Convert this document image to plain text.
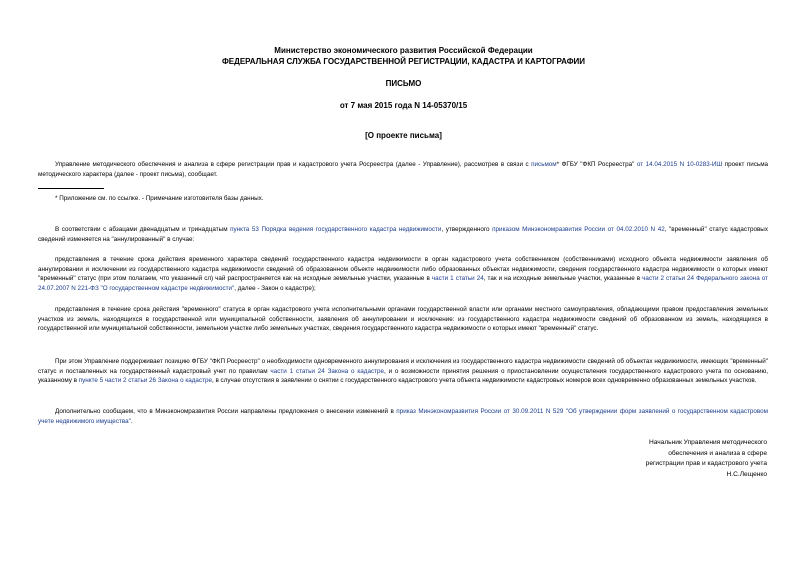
Министерство экономического развития Российской Федерации
ФЕДЕРАЛЬНАЯ СЛУЖБА ГОСУДАРСТВЕННОЙ РЕГИСТРАЦИИ, КАДАСТРА И КАРТОГРАФИИ
ПИСЬМО
от 7 мая 2015 года N 14-05370/15
[О проекте письма]
Управление методического обеспечения и анализа в сфере регистрации прав и кадастрового учета Росреестра (далее - Управление), рассмотрев в связи с письмом* ФГБУ "ФКП Росреестра" от 14.04.2015 N 10-0283-ИШ проект письма методического характера (далее - проект письма), сообщает.
* Приложение см. по ссылке. - Примечание изготовителя базы данных.
В соответствии с абзацами двенадцатым и тринадцатым пункта 53 Порядка ведения государственного кадастра недвижимости, утвержденного приказом Минэкономразвития России от 04.02.2010 N 42, "временный" статус кадастровых сведений изменяется на "аннулированный" в случае:
представления в течение срока действия временного характера сведений государственного кадастра недвижимости в орган кадастрового учета собственником (собственниками) исходного объекта недвижимости заявления об аннулировании и исключении из государственного кадастра недвижимости сведений об образованном объекте недвижимости либо образованных объектах недвижимости, сведения государственного кадастра недвижимости о которых имеют "временный" статус (при этом полагаем, что указанный сл) чай распространяется как на исходные земельные участки, указанные в части 1 статьи 24, так и на исходные земельные участки, указанные в части 2 статьи 24 Федерального закона от 24.07.2007 N 221-ФЗ "О государственном кадастре недвижимости", далее - Закон о кадастре);
представления в течение срока действия "временного" статуса в орган кадастрового учета исполнительными органами государственной власти или органами местного самоуправления, обладающими правом предоставления земельных участков из земель, находящихся в государственной или муниципальной собственности, заявления об аннулировании и исключение: из государственного кадастра недвижимости сведений об образованном из земель, находящихся в государственной или муниципальной собственности, земельном участке либо земельных участках, сведения государственного кадастра недвижимости о которых имеют "временный" статус.
При этом Управление поддерживает позицию ФГБУ "ФКП Росреестр" о необходимости одновременного аннулирования и исключения из государственного кадастра недвижимости сведений об объектах недвижимости, имеющих "временный" статус и поставленных на государственный кадастровый учет по правилам части 1 статьи 24 Закона о кадастре, и о возможности принятия решения о приостановлении осуществления государственного кадастрового учета по основанию, указанному в пункте 5 части 2 статьи 26 Закона о кадастре, в случае отсутствия в заявлении о снятии с государственного кадастрового учета объекта недвижимости кадастровых номеров всех одновременно образованных земельных участков.
Дополнительно сообщаем, что в Минэкономразвития России направлены предложения о внесении изменений в приказ Минэкономразвития России от 30.09.2011 N 529 "Об утверждении форм заявлений о государственном кадастровом учете недвижимого имущества".
Начальник Управления методического
обеспечения и анализа в сфере
регистрации прав и кадастрового учета
Н.С.Лещенко
